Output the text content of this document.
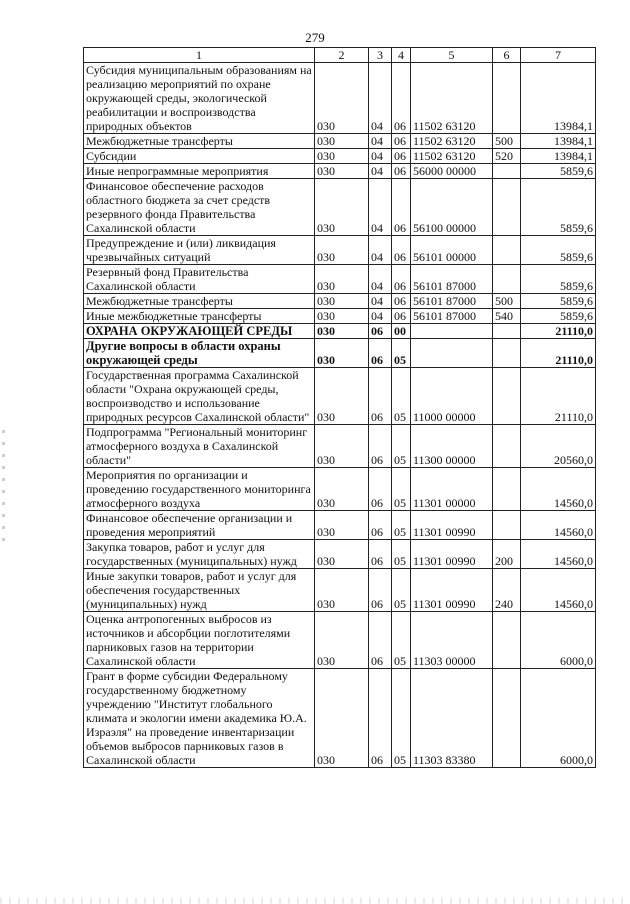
279
1	2	3	4	5	6	7
Субсидия муниципальным образованиям на реализацию мероприятий по охране окружающей среды, экологической реабилитации и воспроизводства природных объектов	030	04	06	11502 63120		13984,1
Межбюджетные трансферты	030	04	06	11502 63120	500	13984,1
Субсидии	030	04	06	11502 63120	520	13984,1
Иные непрограммные мероприятия	030	04	06	56000 00000		5859,6
Финансовое обеспечение расходов областного бюджета за счет средств резервного фонда Правительства Сахалинской области	030	04	06	56100 00000		5859,6
Предупреждение и (или) ликвидация чрезвычайных ситуаций	030	04	06	56101 00000		5859,6
Резервный фонд Правительства Сахалинской области	030	04	06	56101 87000		5859,6
Межбюджетные трансферты	030	04	06	56101 87000	500	5859,6
Иные межбюджетные трансферты	030	04	06	56101 87000	540	5859,6
ОХРАНА ОКРУЖАЮЩЕЙ СРЕДЫ	030	06	00			21110,0
Другие вопросы в области охраны окружающей среды	030	06	05			21110,0
Государственная программа Сахалинской области "Охрана окружающей среды, воспроизводство и использование природных ресурсов Сахалинской области"	030	06	05	11000 00000		21110,0
Подпрограмма "Региональный мониторинг атмосферного воздуха в Сахалинской области"	030	06	05	11300 00000		20560,0
Мероприятия по организации и проведению государственного мониторинга атмосферного воздуха	030	06	05	11301 00000		14560,0
Финансовое обеспечение организации и проведения мероприятий	030	06	05	11301 00990		14560,0
Закупка товаров, работ и услуг для государственных (муниципальных) нужд	030	06	05	11301 00990	200	14560,0
Иные закупки товаров, работ и услуг для обеспечения государственных (муниципальных) нужд	030	06	05	11301 00990	240	14560,0
Оценка антропогенных выбросов из источников и абсорбции поглотителями парниковых газов на территории Сахалинской области	030	06	05	11303 00000		6000,0
Грант в форме субсидии Федеральному государственному бюджетному учреждению "Институт глобального климата и экологии имени академика Ю.А. Израэля" на проведение инвентаризации объемов выбросов парниковых газов в Сахалинской области	030	06	05	11303 83380		6000,0
